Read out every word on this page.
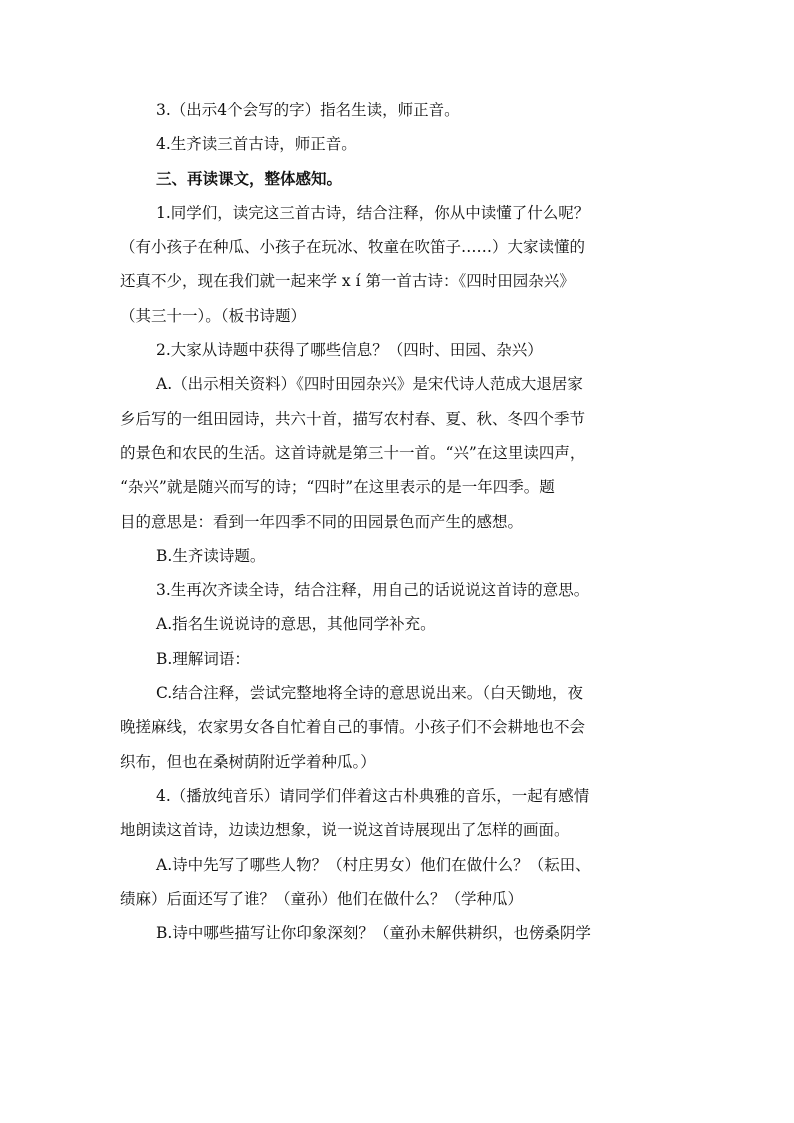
3.（出示4个会写的字）指名生读，师正音。

4.生齐读三首古诗，师正音。

三、再读课文，整体感知。

1.同学们，读完这三首古诗，结合注释，你从中读懂了什么呢？

（有小孩子在种瓜、小孩子在玩冰、牧童在吹笛子……）大家读懂的

还真不少，现在我们就一起来学 x í 第一首古诗：《四时田园杂兴》

（其三十一）。（板书诗题）

2.大家从诗题中获得了哪些信息？（四时、田园、杂兴）

A.（出示相关资料）《四时田园杂兴》是宋代诗人范成大退居家

乡后写的一组田园诗，共六十首，描写农村春、夏、秋、冬四个季节

的景色和农民的生活。这首诗就是第三十一首。“兴”在这里读四声，

“杂兴”就是随兴而写的诗；“四时”在这里表示的是一年四季。题

目的意思是：看到一年四季不同的田园景色而产生的感想。

B.生齐读诗题。

3.生再次齐读全诗，结合注释，用自己的话说说这首诗的意思。

A.指名生说说诗的意思，其他同学补充。

B.理解词语：

C.结合注释，尝试完整地将全诗的意思说出来。（白天锄地，夜

晚搓麻线，农家男女各自忙着自己的事情。小孩子们不会耕地也不会

织布，但也在桑树荫附近学着种瓜。）

4.（播放纯音乐）请同学们伴着这古朴典雅的音乐，一起有感情

地朗读这首诗，边读边想象，说一说这首诗展现出了怎样的画面。

A.诗中先写了哪些人物？（村庄男女）他们在做什么？（耘田、

绩麻）后面还写了谁？（童孙）他们在做什么？（学种瓜）

B.诗中哪些描写让你印象深刻？（童孙未解供耕织，也傍桑阴学
